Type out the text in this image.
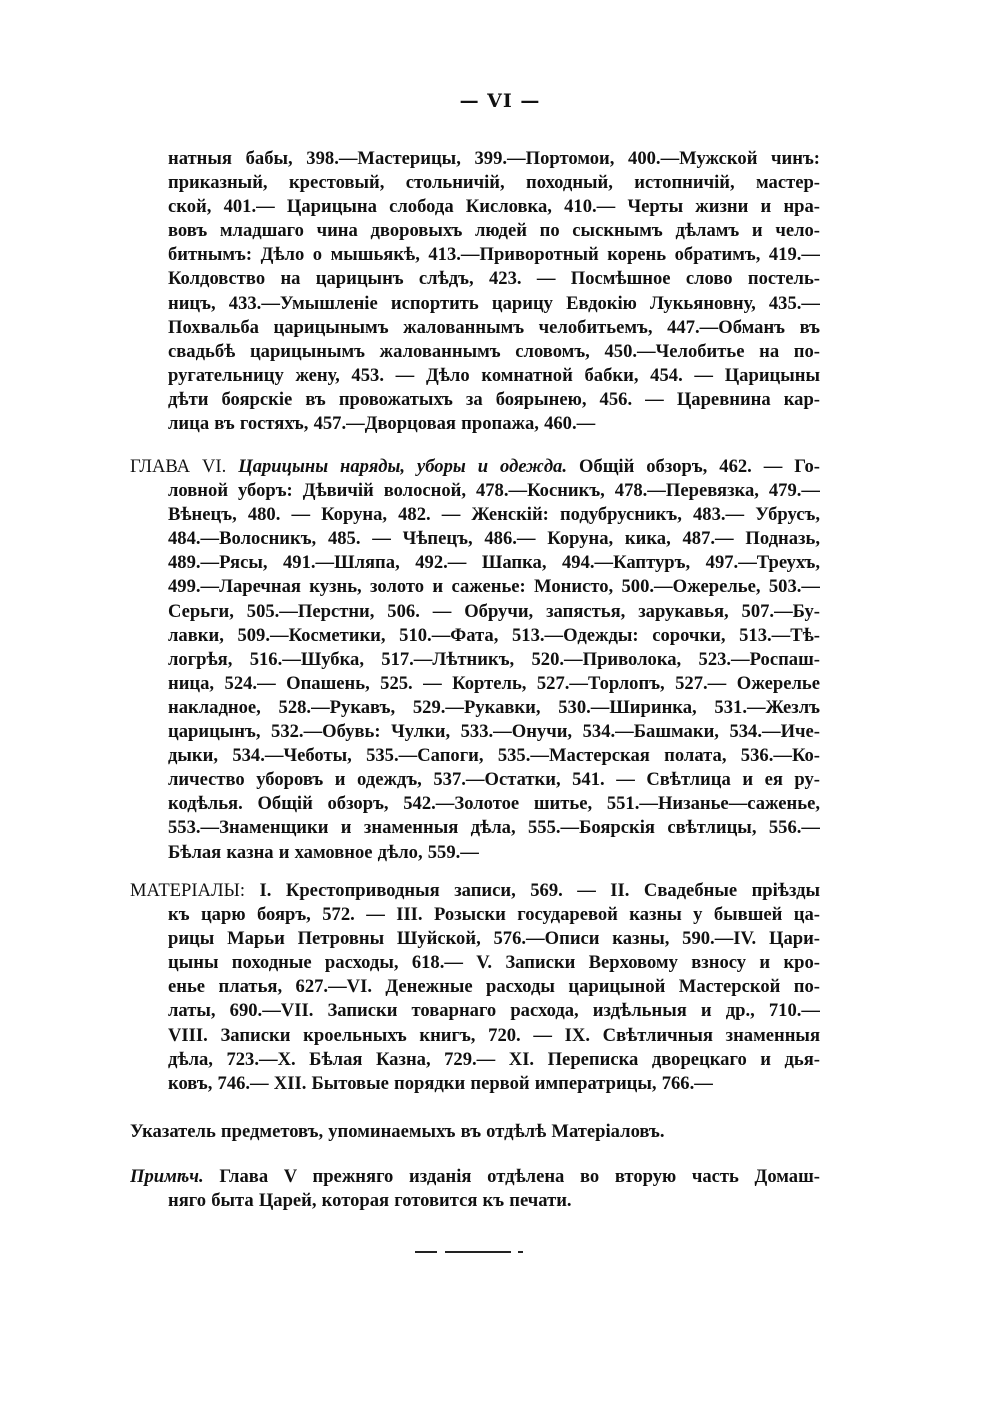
— VI —
натныя бабы, 398.—Мастерицы, 399.—Портомои, 400.—Мужской чинъ:
приказный, крестовый, стольничій, походный, истопничій, мастер-
ской, 401.— Царицына слобода Кисловка, 410.— Черты жизни и нра-
вовъ младшаго чина дворовыхъ людей по сыскнымъ дѣламъ и чело-
битнымъ: Дѣло о мышьякѣ, 413.—Приворотный корень обратимъ, 419.—
Колдовство на царицынъ слѣдъ, 423. — Посмѣшное слово постель-
ницъ, 433.—Умышленіе испортить царицу Евдокію Лукьяновну, 435.—
Похвальба царицынымъ жалованнымъ челобитьемъ, 447.—Обманъ въ
свадьбѣ царицынымъ жалованнымъ словомъ, 450.—Челобитье на по-
ругательницу жену, 453. — Дѣло комнатной бабки, 454. — Царицыны
дѣти боярскіе въ провожатыхъ за боярынею, 456. — Царевнина кар-
лица въ гостяхъ, 457.—Дворцовая пропажа, 460.—
ГЛАВА VI. Царицыны наряды, уборы и одежда. Общій обзоръ, 462. — Го-
ловной уборъ: Дѣвичій волосной, 478.—Косникъ, 478.—Перевязка, 479.—
Вѣнецъ, 480. — Коруна, 482. — Женскій: подубрусникъ, 483.— Убрусъ,
484.—Волосникъ, 485. — Чѣпецъ, 486.— Коруна, кика, 487.— Подназь,
489.—Рясы, 491.—Шляпа, 492.— Шапка, 494.—Каптуръ, 497.—Треухъ,
499.—Ларечная кузнь, золото и саженье: Монисто, 500.—Ожерелье, 503.—
Серьги, 505.—Перстни, 506. — Обручи, запястья, зарукавья, 507.—Бу-
лавки, 509.—Косметики, 510.—Фата, 513.—Одежды: сорочки, 513.—Тѣ-
логрѣя, 516.—Шубка, 517.—Лѣтникъ, 520.—Приволока, 523.—Роспаш-
ница, 524.— Опашень, 525. — Кортель, 527.—Торлопъ, 527.— Ожерелье
накладное, 528.—Рукавъ, 529.—Рукавки, 530.—Ширинка, 531.—Жезлъ
царицынъ, 532.—Обувь: Чулки, 533.—Онучи, 534.—Башмаки, 534.—Иче-
дыки, 534.—Чеботы, 535.—Сапоги, 535.—Мастерская полата, 536.—Ко-
личество уборовъ и одеждъ, 537.—Остатки, 541. — Свѣтлица и ея ру-
кодѣлья. Общій обзоръ, 542.—Золотое шитье, 551.—Низанье—саженье,
553.—Знаменщики и знаменныя дѣла, 555.—Боярскія свѣтлицы, 556.—
Бѣлая казна и хамовное дѣло, 559.—
МАТЕРІАЛЫ: I. Крестоприводныя записи, 569. — II. Свадебные пріѣзды
къ царю бояръ, 572. — III. Розыски государевой казны у бывшей ца-
рицы Марьи Петровны Шуйской, 576.—Описи казны, 590.—IV. Цари-
цыны походные расходы, 618.— V. Записки Верховому взносу и кро-
енье платья, 627.—VI. Денежные расходы царицыной Мастерской по-
латы, 690.—VII. Записки товарнаго расхода, издѣльныя и др., 710.—
VIII. Записки кроельныхъ книгъ, 720. — IX. Свѣтличныя знаменныя
дѣла, 723.—X. Бѣлая Казна, 729.— XI. Переписка дворецкаго и дья-
ковъ, 746.— XII. Бытовые порядки первой императрицы, 766.—
Указатель предметовъ, упоминаемыхъ въ отдѣлѣ Матеріаловъ.
Примѣч. Глава V прежняго изданія отдѣлена во вторую часть Домаш-
няго быта Царей, которая готовится къ печати.
